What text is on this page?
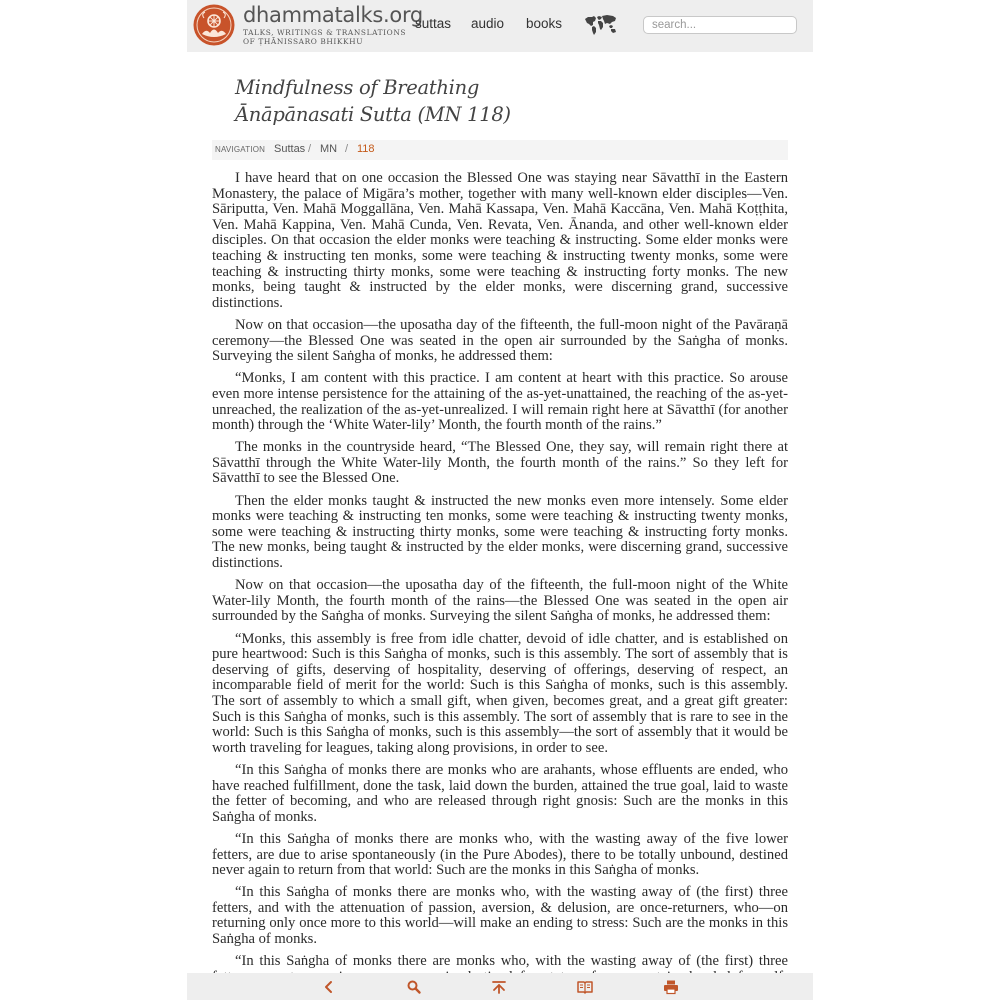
dhammatalks.org
TALKS, WRITINGS & TRANSLATIONS
OF ṬHĀNISSARO BHIKKHU
suttas audio books
search...
Mindfulness of Breathing
Ānāpānasati Sutta (MN 118)
NAVIGATION Suttas / MN / 118

I have heard that on one occasion the Blessed One was staying near Sāvatthī in the Eastern Monastery, the palace of Migāra’s mother, together with many well-known elder disciples—Ven. Sāriputta, Ven. Mahā Moggallāna, Ven. Mahā Kassapa, Ven. Mahā Kaccāna, Ven. Mahā Koṭṭhita, Ven. Mahā Kappina, Ven. Mahā Cunda, Ven. Revata, Ven. Ānanda, and other well-known elder disciples. On that occasion the elder monks were teaching & instructing. Some elder monks were teaching & instructing ten monks, some were teaching & instructing twenty monks, some were teaching & instructing thirty monks, some were teaching & instructing forty monks. The new monks, being taught & instructed by the elder monks, were discerning grand, successive distinctions.

Now on that occasion—the uposatha day of the fifteenth, the full-moon night of the Pavāraṇā ceremony—the Blessed One was seated in the open air surrounded by the Saṅgha of monks. Surveying the silent Saṅgha of monks, he addressed them:

“Monks, I am content with this practice. I am content at heart with this practice. So arouse even more intense persistence for the attaining of the as-yet-unattained, the reaching of the as-yet-unreached, the realization of the as-yet-unrealized. I will remain right here at Sāvatthī (for another month) through the ‘White Water-lily’ Month, the fourth month of the rains.”

The monks in the countryside heard, “The Blessed One, they say, will remain right there at Sāvatthī through the White Water-lily Month, the fourth month of the rains.” So they left for Sāvatthī to see the Blessed One.

Then the elder monks taught & instructed the new monks even more intensely. Some elder monks were teaching & instructing ten monks, some were teaching & instructing twenty monks, some were teaching & instructing thirty monks, some were teaching & instructing forty monks. The new monks, being taught & instructed by the elder monks, were discerning grand, successive distinctions.

Now on that occasion—the uposatha day of the fifteenth, the full-moon night of the White Water-lily Month, the fourth month of the rains—the Blessed One was seated in the open air surrounded by the Saṅgha of monks. Surveying the silent Saṅgha of monks, he addressed them:

“Monks, this assembly is free from idle chatter, devoid of idle chatter, and is established on pure heartwood: Such is this Saṅgha of monks, such is this assembly. The sort of assembly that is deserving of gifts, deserving of hospitality, deserving of offerings, deserving of respect, an incomparable field of merit for the world: Such is this Saṅgha of monks, such is this assembly. The sort of assembly to which a small gift, when given, becomes great, and a great gift greater: Such is this Saṅgha of monks, such is this assembly. The sort of assembly that is rare to see in the world: Such is this Saṅgha of monks, such is this assembly—the sort of assembly that it would be worth traveling for leagues, taking along provisions, in order to see.

“In this Saṅgha of monks there are monks who are arahants, whose effluents are ended, who have reached fulfillment, done the task, laid down the burden, attained the true goal, laid to waste the fetter of becoming, and who are released through right gnosis: Such are the monks in this Saṅgha of monks.

“In this Saṅgha of monks there are monks who, with the wasting away of the five lower fetters, are due to arise spontaneously (in the Pure Abodes), there to be totally unbound, destined never again to return from that world: Such are the monks in this Saṅgha of monks.

“In this Saṅgha of monks there are monks who, with the wasting away of (the first) three fetters, and with the attenuation of passion, aversion, & delusion, are once-returners, who—on returning only once more to this world—will make an ending to stress: Such are the monks in this Saṅgha of monks.

“In this Saṅgha of monks there are monks who, with the wasting away of (the first) three
